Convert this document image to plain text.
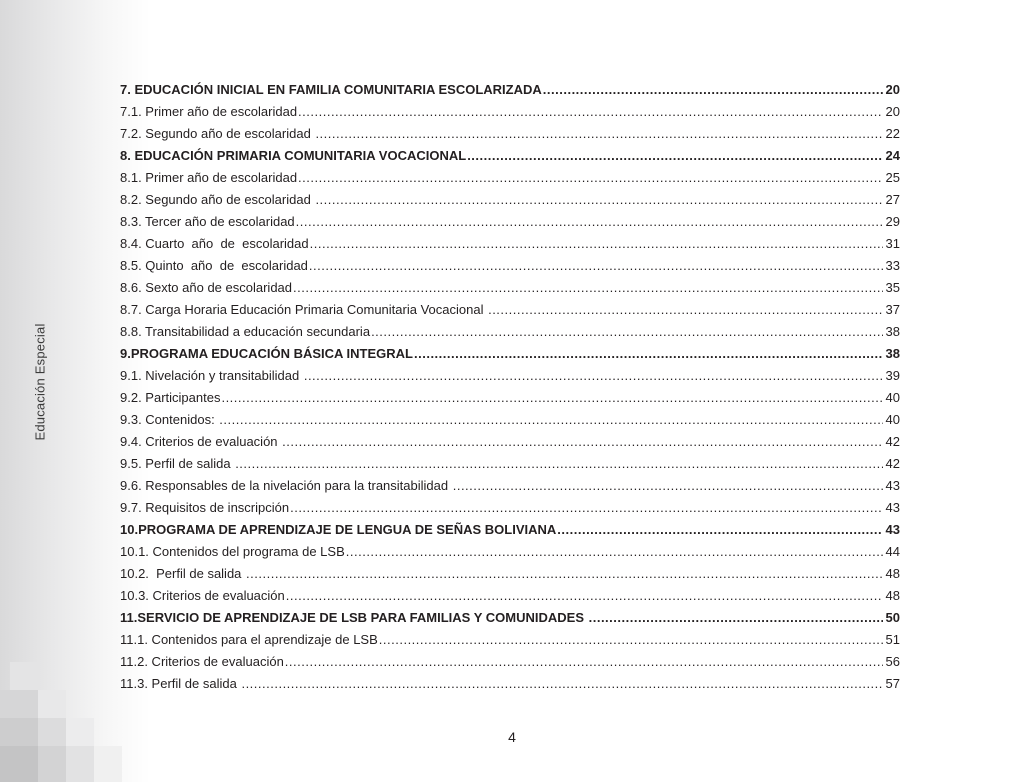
Educación Especial
7. EDUCACIÓN INICIAL EN FAMILIA COMUNITARIA ESCOLARIZADA .....	20
7.1. Primer año de escolaridad .....	20
7.2. Segundo año de escolaridad .....	22
8. EDUCACIÓN PRIMARIA COMUNITARIA VOCACIONAL .....	24
8.1. Primer año de escolaridad .....	25
8.2. Segundo año de escolaridad .....	27
8.3. Tercer año de escolaridad .....	29
8.4. Cuarto  año  de  escolaridad .....	31
8.5. Quinto  año  de  escolaridad .....	33
8.6. Sexto año de escolaridad .....	35
8.7. Carga Horaria Educación Primaria Comunitaria Vocacional .....	37
8.8. Transitabilidad a educación secundaria .....	38
9.PROGRAMA EDUCACIÓN BÁSICA INTEGRAL .....	38
9.1. Nivelación y transitabilidad .....	39
9.2. Participantes .....	40
9.3. Contenidos: .....	40
9.4. Criterios de evaluación .....	42
9.5. Perfil de salida .....	42
9.6. Responsables de la nivelación para la transitabilidad .....	43
9.7. Requisitos de inscripción .....	43
10.PROGRAMA DE APRENDIZAJE DE LENGUA DE SEÑAS BOLIVIANA .....	43
10.1. Contenidos del programa de LSB .....	44
10.2.  Perfil de salida .....	48
10.3. Criterios de evaluación .....	48
11.SERVICIO DE APRENDIZAJE DE LSB PARA FAMILIAS Y COMUNIDADES .....	50
11.1. Contenidos para el aprendizaje de LSB .....	51
11.2. Criterios de evaluación .....	56
11.3. Perfil de salida .....	57
4
